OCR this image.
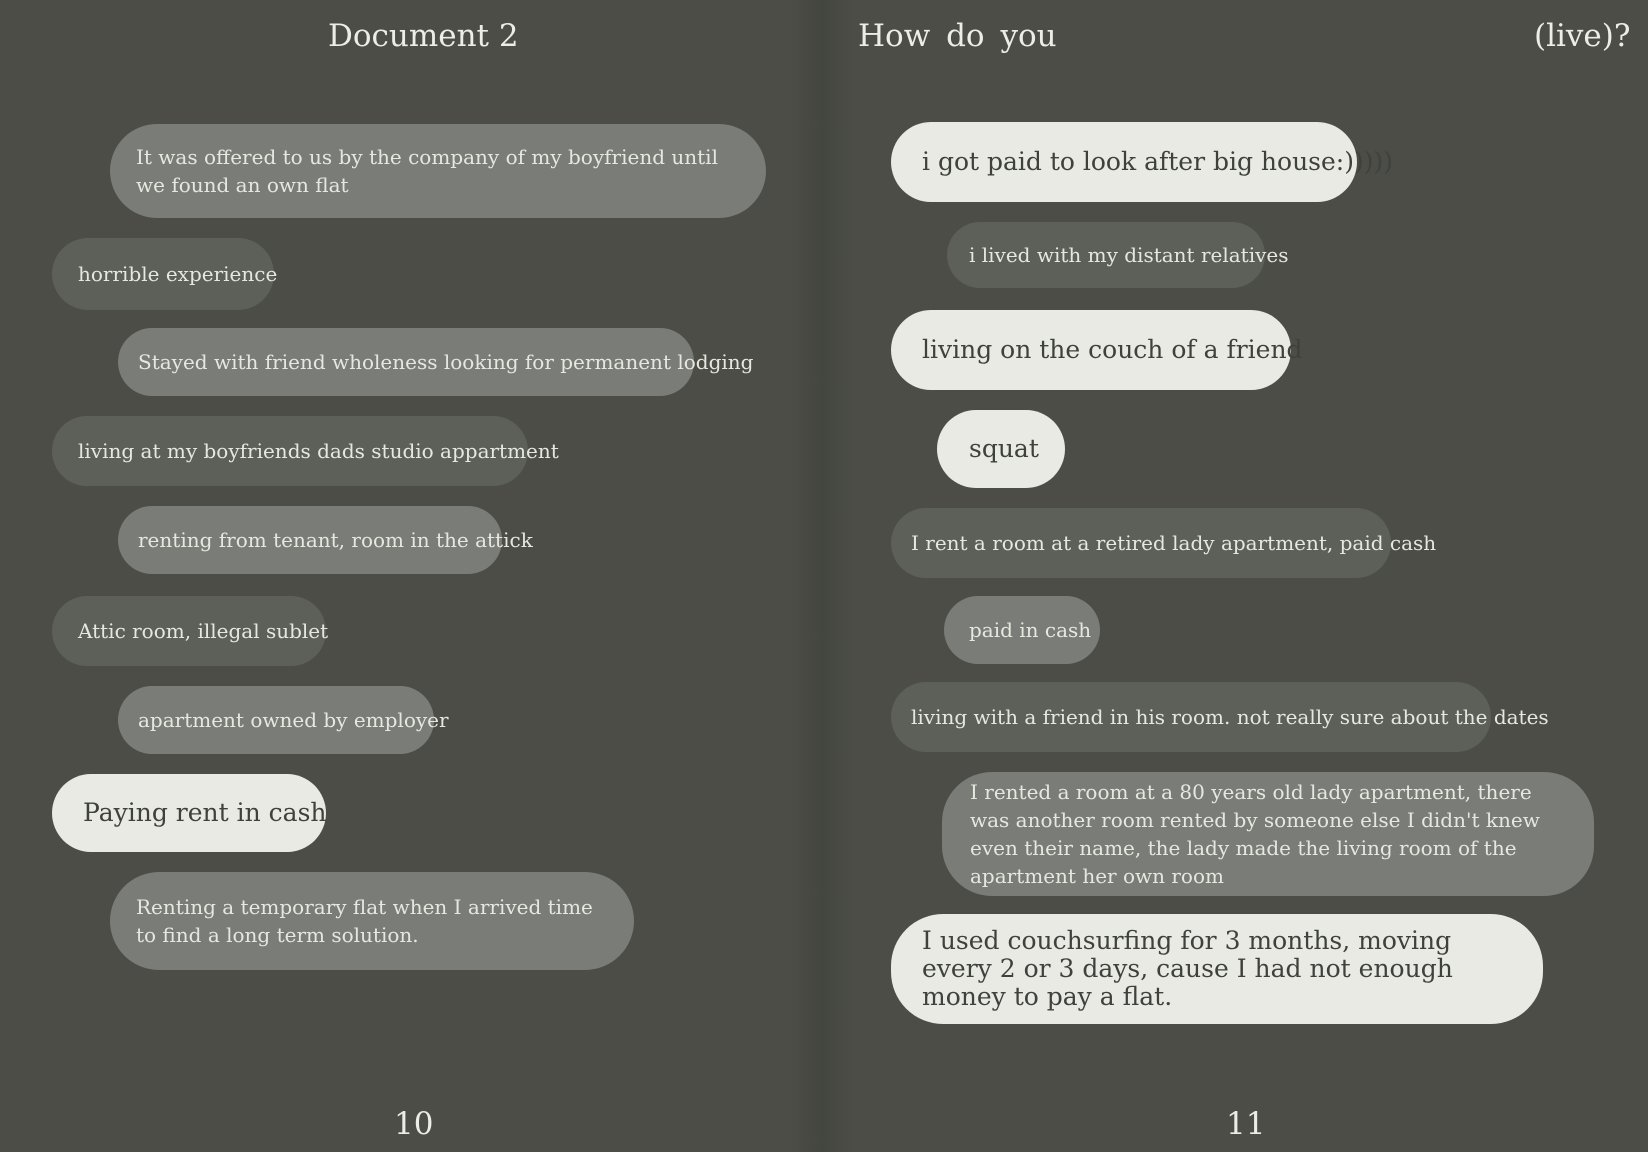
Document 2
It was offered to us by the company of my boyfriend until we found an own flat
horrible experience
Stayed with friend wholeness looking for permanent lodging
living at my boyfriends dads studio appartment
renting from tenant, room in the attick
Attic room, illegal sublet
apartment owned by employer
Paying rent in cash
Renting a temporary flat when I arrived time to find a long term solution.
10
How do you	(live)?
i got paid to look after big house:)))))
i lived with my distant relatives
living on the couch of a friend
squat
I rent a room at a retired lady apartment, paid cash
paid in cash
living with a friend in his room. not really sure about the dates
I rented a room at a 80 years old lady apartment, there was another room rented by someone else I didn't knew even their name, the lady made the living room of the apartment her own room
I used couchsurfing for 3 months, moving every 2 or 3 days, cause I had not enough money to pay a flat.
11
